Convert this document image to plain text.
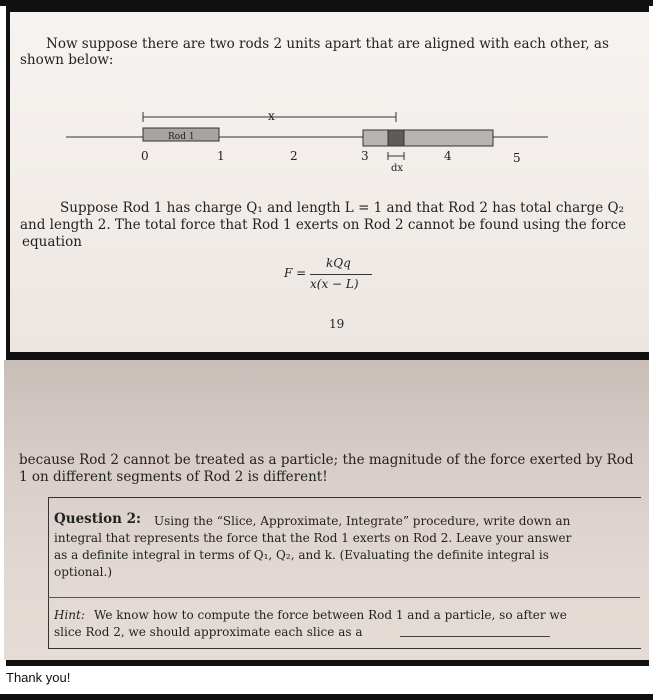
Now suppose there are two rods 2 units apart that are aligned with each other, as
shown below:
x
Rod 1
0	1	2	3	4	5
dx
Suppose Rod 1 has charge Q₁ and length L = 1 and that Rod 2 has total charge Q₂
and length 2. The total force that Rod 1 exerts on Rod 2 cannot be found using the force
equation
F =
kQq
x(x − L)
19
because Rod 2 cannot be treated as a particle; the magnitude of the force exerted by Rod
1 on different segments of Rod 2 is different!
Question 2: Using the “Slice, Approximate, Integrate” procedure, write down an
integral that represents the force that the Rod 1 exerts on Rod 2. Leave your answer
as a definite integral in terms of Q₁, Q₂, and k. (Evaluating the definite integral is
optional.)
Hint: We know how to compute the force between Rod 1 and a particle, so after we
slice Rod 2, we should approximate each slice as a
Thank you!
